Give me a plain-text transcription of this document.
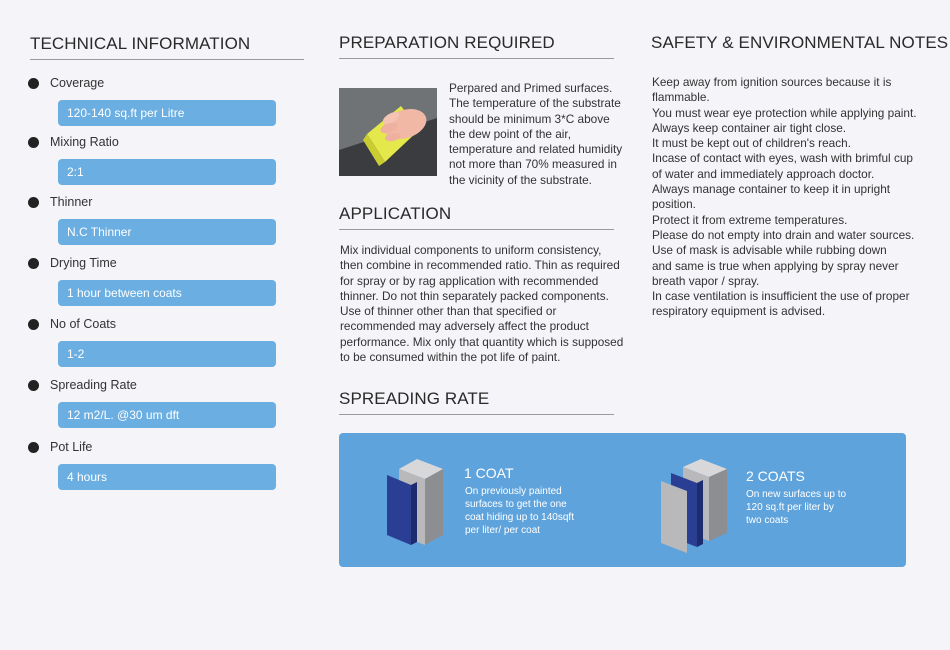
TECHNICAL INFORMATION
Coverage
120-140 sq.ft per Litre
Mixing Ratio
2:1
Thinner
N.C Thinner
Drying Time
1 hour between coats
No of Coats
1-2
Spreading Rate
12 m2/L. @30 um dft
Pot Life
4 hours
PREPARATION REQUIRED
Perpared and Primed surfaces.
The temperature of the substrate
should be minimum 3*C above
the dew point of the air,
temperature and related humidity
not more than 70% measured in
the vicinity of the substrate.
APPLICATION
Mix individual components to uniform consistency,
then combine in recommended ratio. Thin as required
for spray or by rag application with recommended
thinner. Do not thin separately packed components.
Use of thinner other than that specified or
recommended may adversely affect the product
performance. Mix only that quantity which is supposed
to be consumed within the pot life of paint.
SAFETY & ENVIRONMENTAL NOTES
Keep away from ignition sources because it is
flammable.
You must wear eye protection while applying paint.
Always keep container air tight close.
It must be kept out of children's reach.
Incase of contact with eyes, wash with brimful cup
of water and immediately approach doctor.
Always manage container to keep it in upright
position.
Protect it from extreme temperatures.
Please do not empty into drain and water sources.
Use of mask is advisable while rubbing down
and same is true when applying by spray never
breath vapor / spray.
In case ventilation is insufficient the use of proper
respiratory equipment is advised.
SPREADING RATE
1 COAT
On previously painted
surfaces to get the one
coat hiding up to 140sqft
per liter/ per coat
2 COATS
On new surfaces up to
120 sq.ft per liter by
two coats
